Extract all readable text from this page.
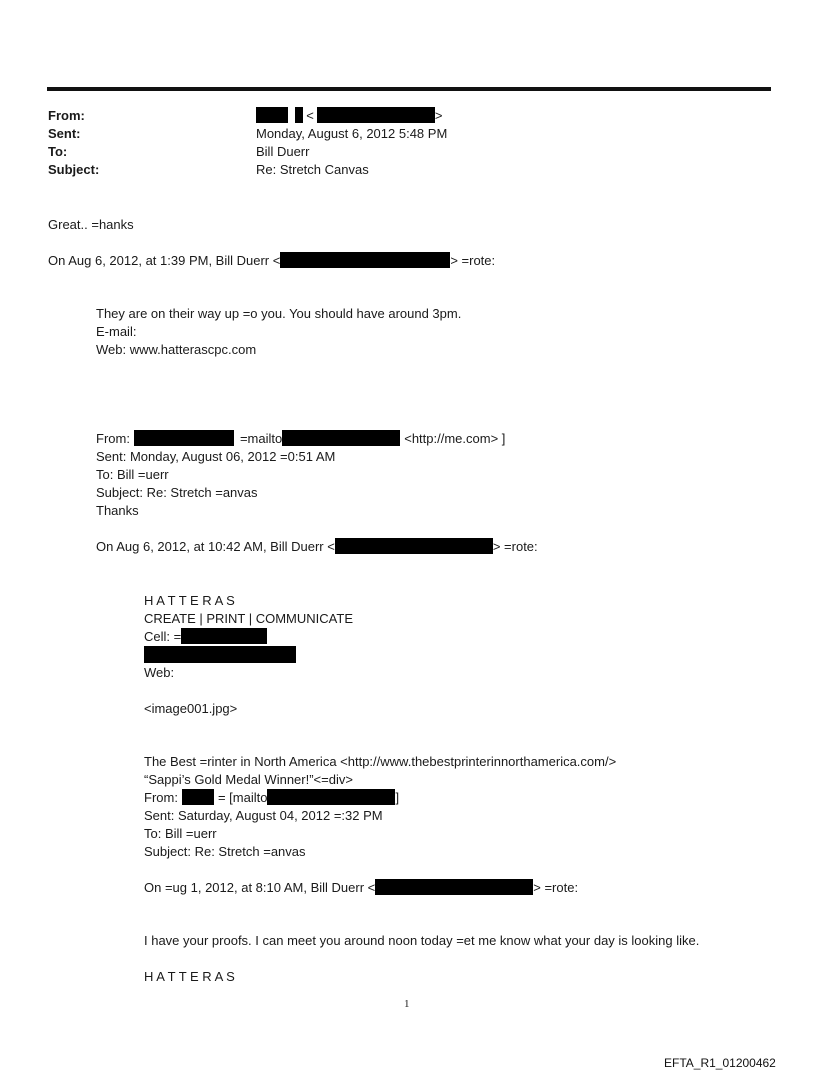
From:	<	>
Sent:	Monday, August 6, 2012 5:48 PM
To:	Bill Duerr
Subject:	Re: Stretch Canvas
Great.. =hanks
On Aug 6, 2012, at 1:39 PM, Bill Duerr <	> =rote:
They are on their way up =o you. You should have around 3pm.
E-mail:
Web: www.hatterascpc.com
From:	=mailto	<http://me.com> ]
Sent: Monday, August 06, 2012 =0:51 AM
To: Bill =uerr
Subject: Re: Stretch =anvas
Thanks
On Aug 6, 2012, at 10:42 AM, Bill Duerr <	> =rote:
H A T T E R A S
CREATE | PRINT | COMMUNICATE
Cell: =
Web:
<image001.jpg>
The Best =rinter in North America <http://www.thebestprinterinnorthamerica.com/>
“Sappi’s Gold Medal Winner!”<=div>
From:	= [mailto	]
Sent: Saturday, August 04, 2012 =:32 PM
To: Bill =uerr
Subject: Re: Stretch =anvas
On =ug 1, 2012, at 8:10 AM, Bill Duerr <	> =rote:
I have your proofs. I can meet you around noon today =et me know what your day is looking like.
H A T T E R A S
1
EFTA_R1_01200462
